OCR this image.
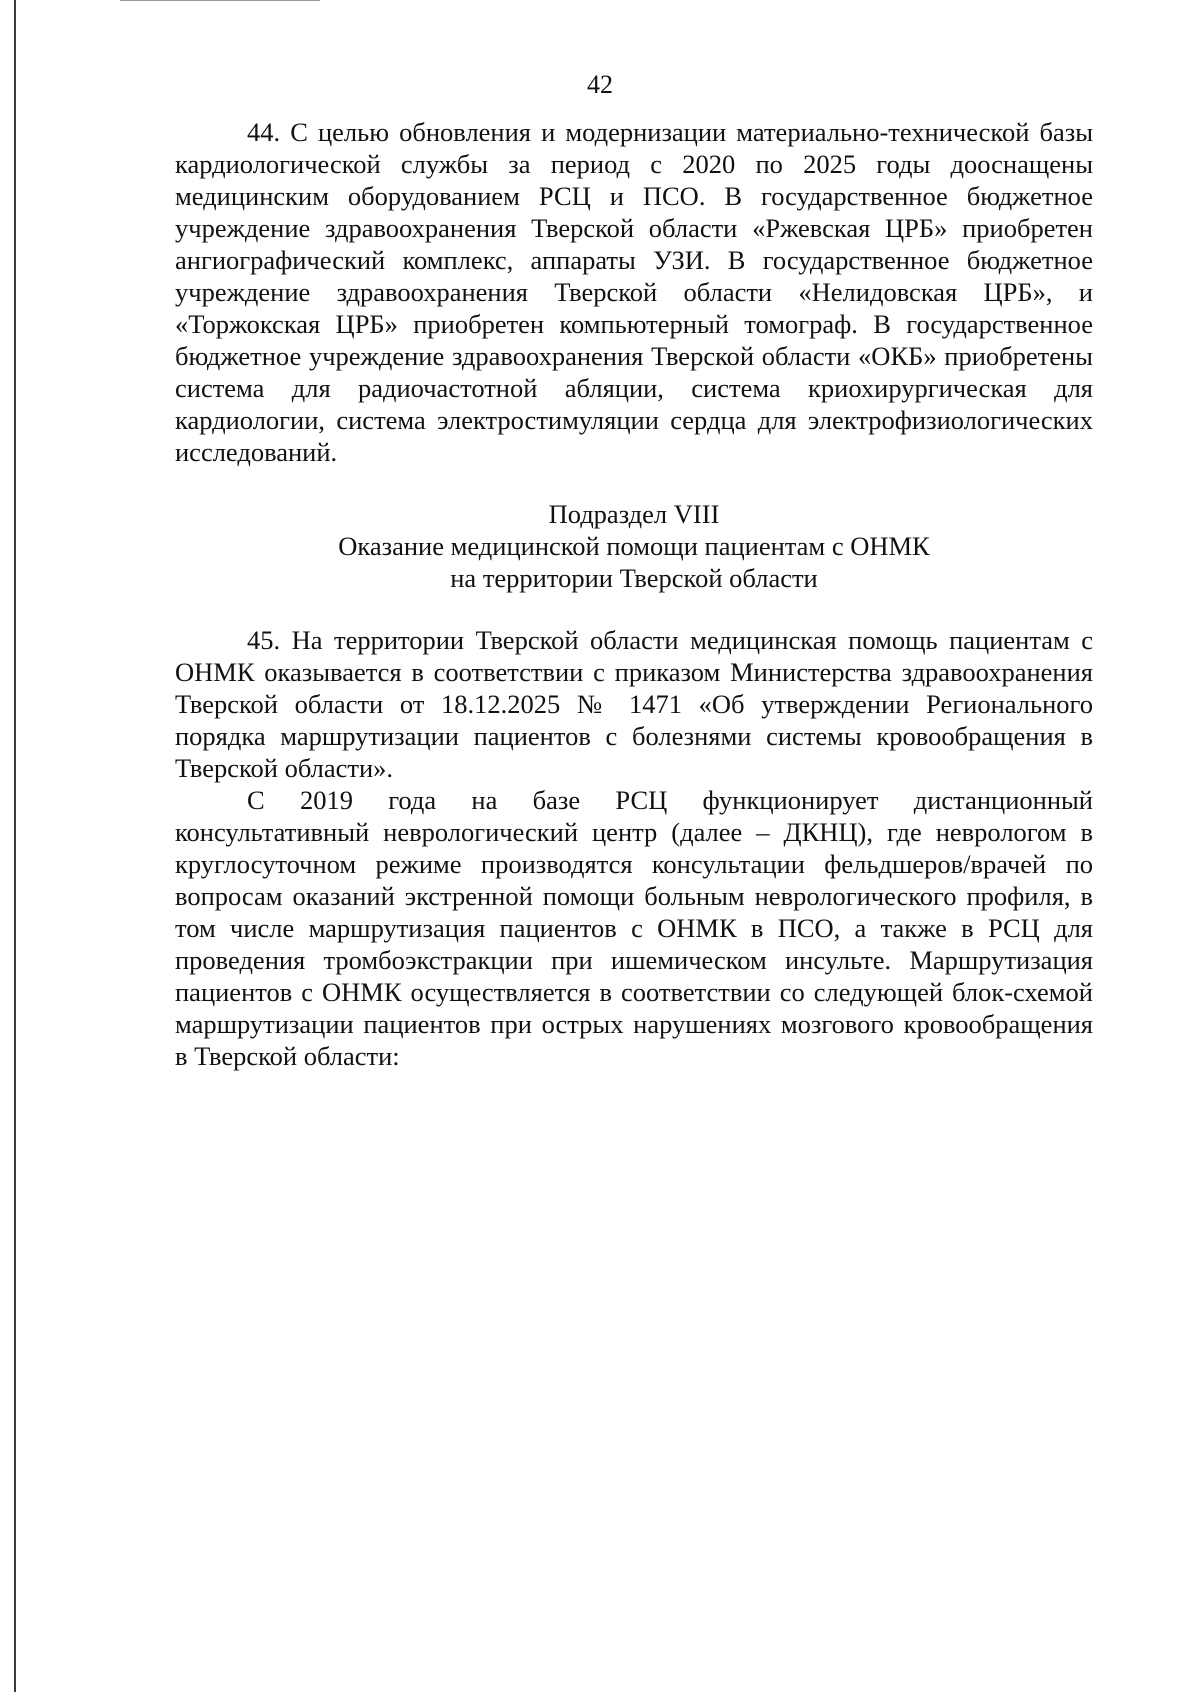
42

44. С целью обновления и модернизации материально-технической базы кардиологической службы за период с 2020 по 2025 годы дооснащены медицинским оборудованием РСЦ и ПСО. В государственное бюджетное учреждение здравоохранения Тверской области «Ржевская ЦРБ» приобретен ангиографический комплекс, аппараты УЗИ. В государственное бюджетное учреждение здравоохранения Тверской области «Нелидовская ЦРБ», и «Торжокская ЦРБ» приобретен компьютерный томограф. В государственное бюджетное учреждение здравоохранения Тверской области «ОКБ» приобретены система для радиочастотной абляции, система криохирургическая для кардиологии, система электростимуляции сердца для электрофизиологических исследований.

Подраздел VIII
Оказание медицинской помощи пациентам с ОНМК
на территории Тверской области

45. На территории Тверской области медицинская помощь пациентам с ОНМК оказывается в соответствии с приказом Министерства здравоохранения Тверской области от 18.12.2025 № 1471 «Об утверждении Регионального порядка маршрутизации пациентов с болезнями системы кровообращения в Тверской области».

С 2019 года на базе РСЦ функционирует дистанционный консультативный неврологический центр (далее – ДКНЦ), где неврологом в круглосуточном режиме производятся консультации фельдшеров/врачей по вопросам оказаний экстренной помощи больным неврологического профиля, в том числе маршрутизация пациентов с ОНМК в ПСО, а также в РСЦ для проведения тромбоэкстракции при ишемическом инсульте. Маршрутизация пациентов с ОНМК осуществляется в соответствии со следующей блок-схемой маршрутизации пациентов при острых нарушениях мозгового кровообращения в Тверской области:
